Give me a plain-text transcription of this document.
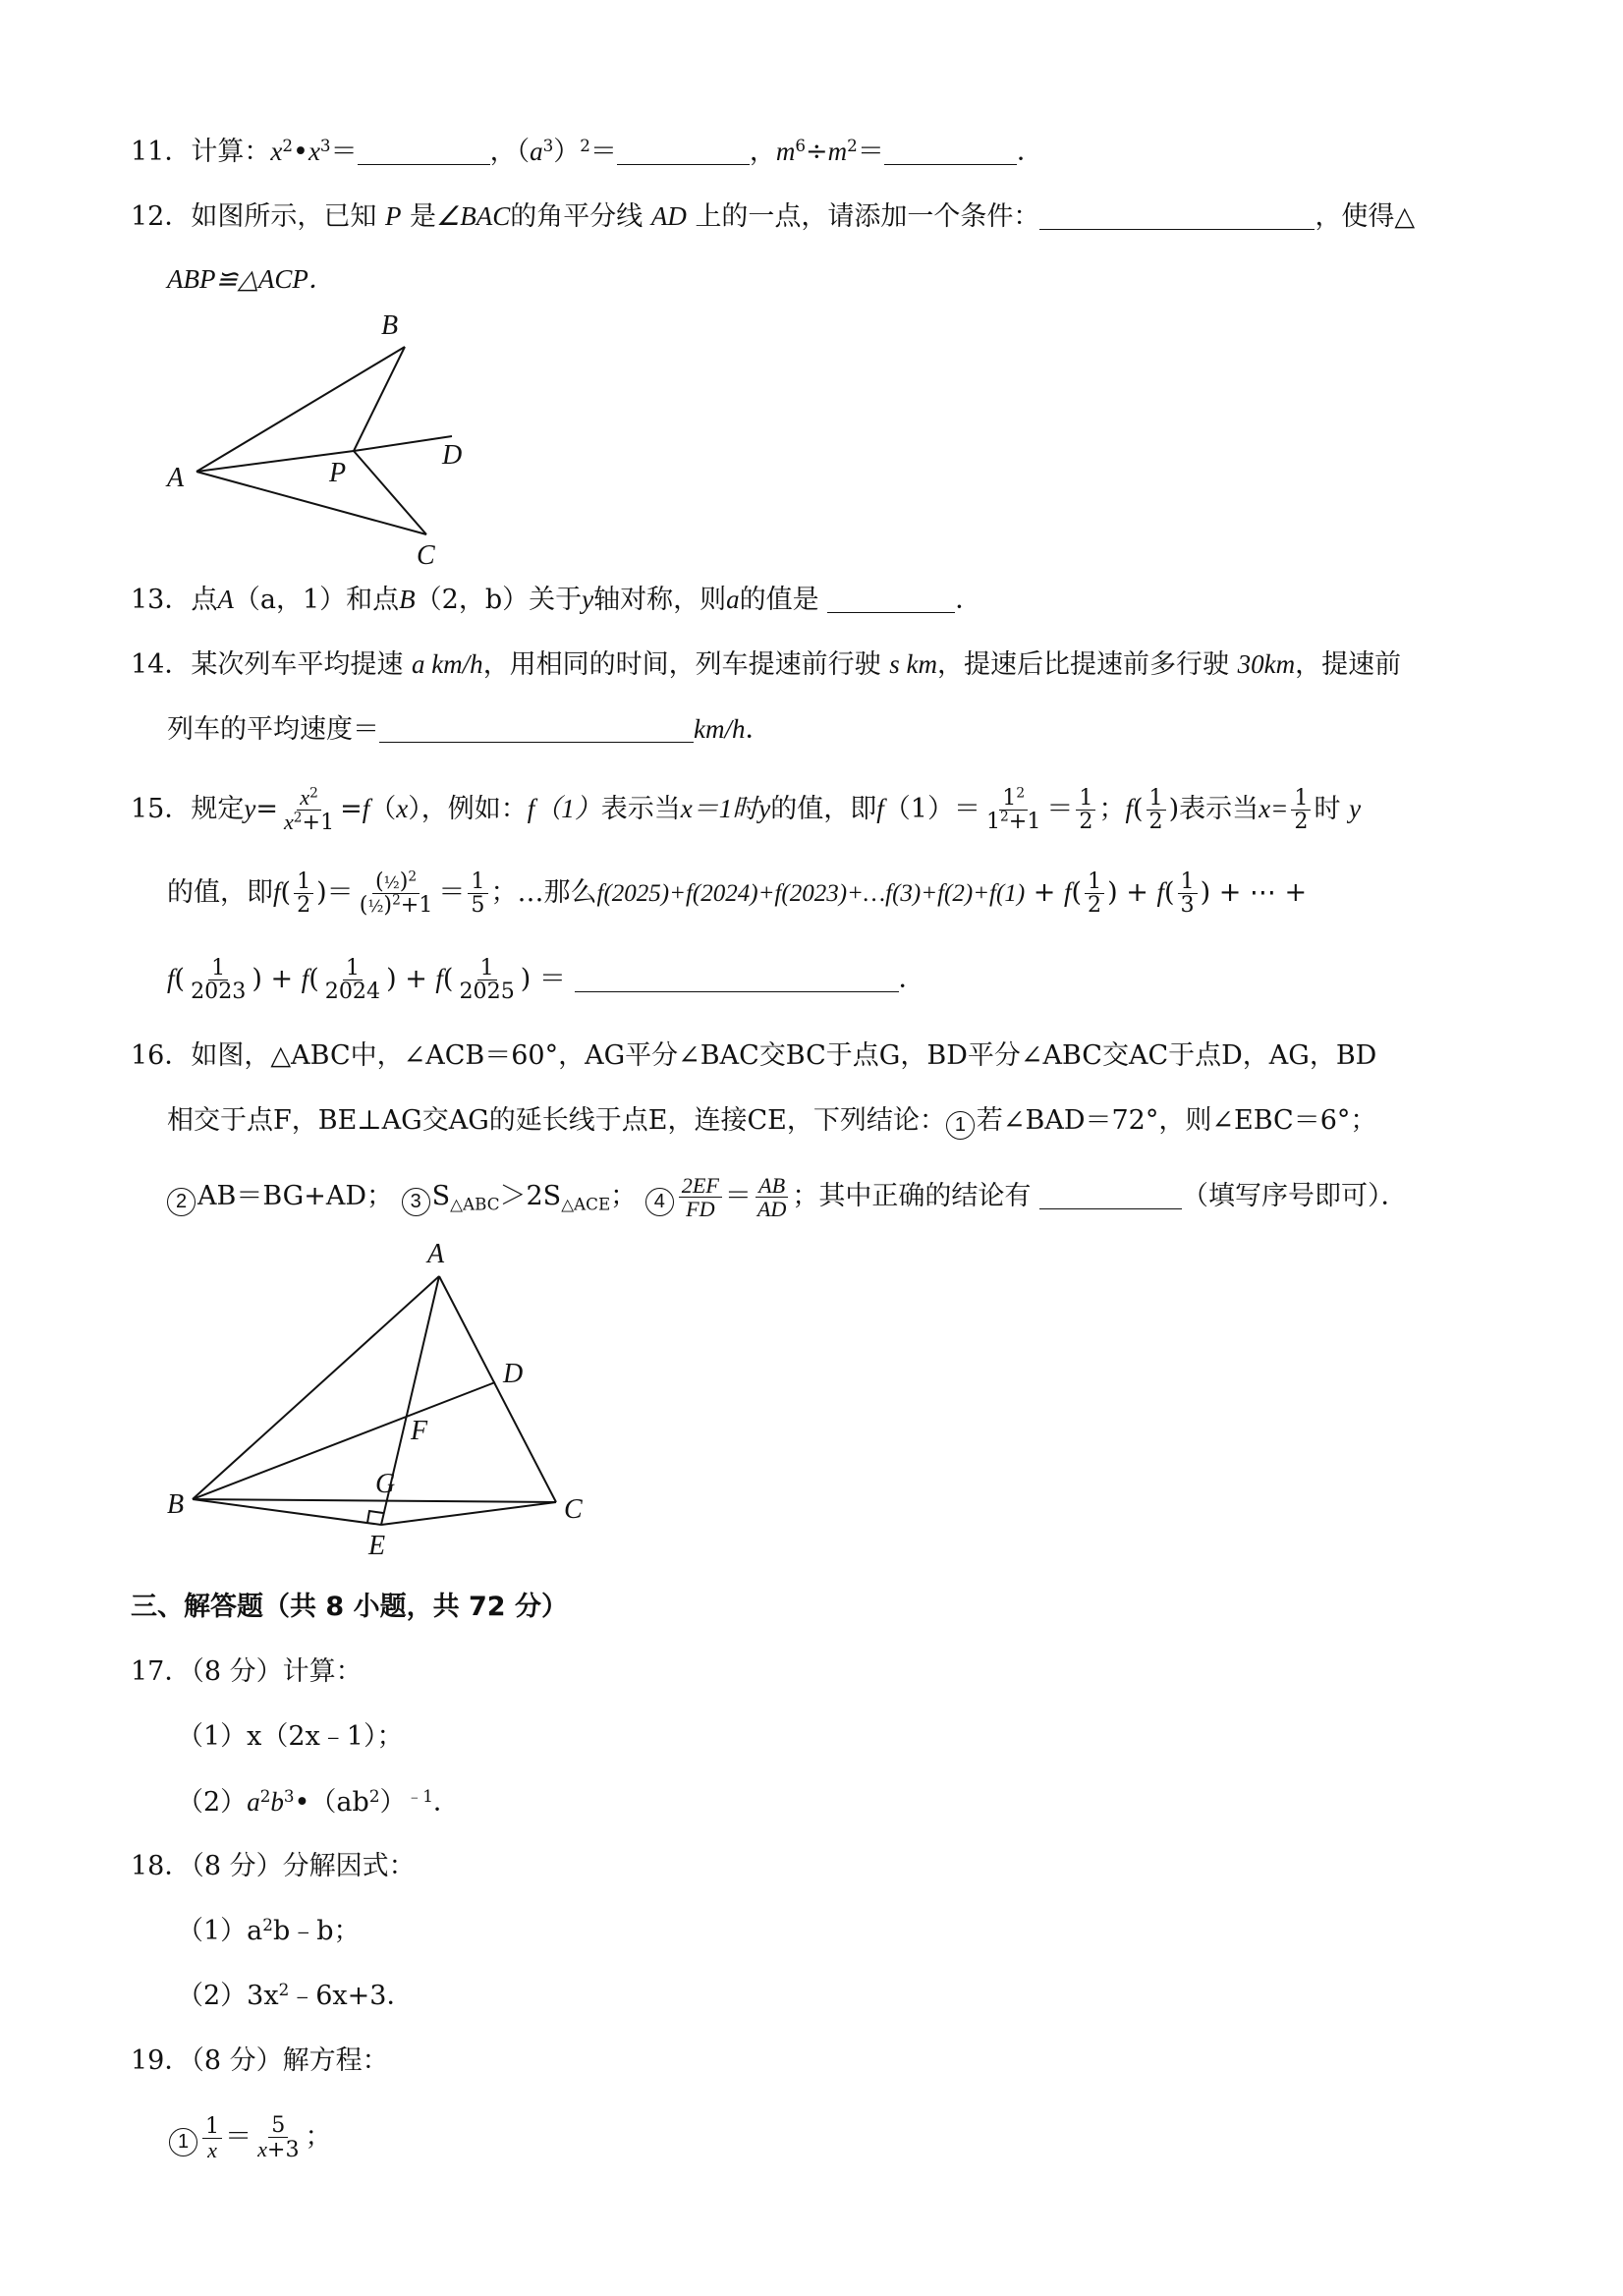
11．计算：$x^2•x^3=$	，$(a^3)^2=$	，$m^6\div m^2=$	．
12．如图所示，已知 P 是∠BAC的角平分线 AD 上的一点，请添加一个条件：	，使得△
ABP≌△ACP．
A
B
P
D
C
13．点A（a，1）和点B（2，b）关于y轴对称，则a的值是	．
14．某次列车平均提速 a km/h，用相同的时间，列车提速前行驶 s km，提速后比提速前多行驶 30km，提速前
列车的平均速度＝	km/h．
15．规定$y= \frac{x^2}{x^2+1} =f(x)$，例如：f（1）表示当x＝1时y的值，即$f(1)= \frac{1^2}{1^2+1} = \frac{1}{2}$ ；$f( \frac{1}{2}$ )表示当$x= \frac{1}{2}$ 时 y
的值，即$f( \frac{1}{2}$ )＝ $\frac{(\frac{1}{2})^2}{(\frac{1}{2})^2+1} = \frac{1}{5}$ ；…那么f(2025)+f(2024)+f(2023)+…f(3)+f(2)+f(1) + $f( \frac{1}{2}$ ) + $f( \frac{1}{3}$ ) + ⋯ +
$f( \frac{1}{2023}$ ) + $f( \frac{1}{2024}$ ) + $f( \frac{1}{2025}$ ) ＝	．
16．如图，△ABC中，∠ACB＝60°，AG平分∠BAC交BC于点G，BD平分∠ABC交AC于点D，AG，BD
相交于点F，BE⊥AG交AG的延长线于点E，连接CE，下列结论： 1 若∠BAD＝72°，则∠EBC＝6°；
2 AB＝BG+AD； 3 $S_{\triangle ABC}>2S_{\triangle ACE}$； $4 \frac{2EF}{FD} = \frac{AB}{AD}$ ；其中正确的结论有	（填写序号即可）．
A
B	C
D
E
F
G
三、解答题（共 8 小题，共 72 分）
17．（8 分）计算：
（1）x（2x﹣1）；
$(2)a^2b^3•(ab^2)^{﹣1}$．
18．（8 分）分解因式：
$(1)a^2b﹣b$；
$(2)3x^2﹣6x+3$．
19．（8 分）解方程：
$1 \frac{1}{x} = \frac{5}{x+3}$ ；
